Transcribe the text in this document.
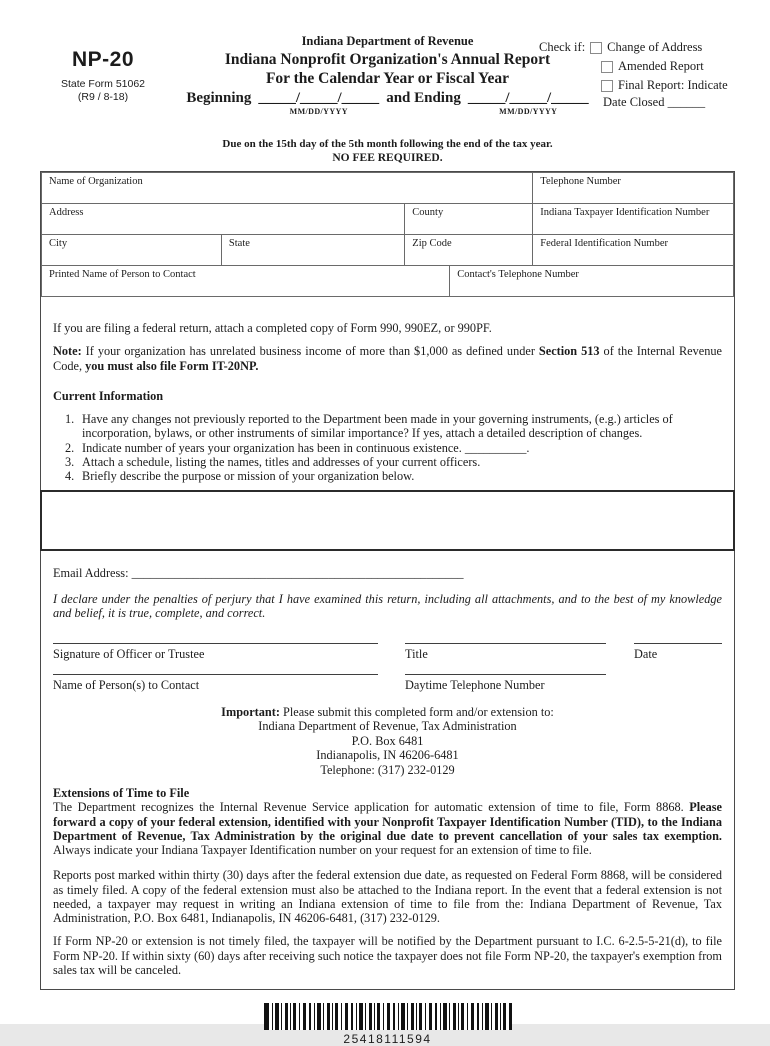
NP-20
State Form 51062
(R9 / 8-18)
Indiana Department of Revenue
Indiana Nonprofit Organization's Annual Report
For the Calendar Year or Fiscal Year
Beginning _____/_____/_____
MM/DD/YYYY
and Ending _____/_____/_____
MM/DD/YYYY
Check if: Change of Address
Amended Report
Final Report: Indicate
Date Closed ______
Due on the 15th day of the 5th month following the end of the tax year.
NO FEE REQUIRED.
Name of Organization				Telephone Number
Address		County		Indiana Taxpayer Identification Number
City	State	Zip Code		Federal Identification Number
Printed Name of Person to Contact			Contact's Telephone Number	
If you are filing a federal return, attach a completed copy of Form 990, 990EZ, or 990PF.
Note: If your organization has unrelated business income of more than $1,000 as defined under Section 513 of the Internal Revenue Code, you must also file Form IT-20NP.
Current Information
1. Have any changes not previously reported to the Department been made in your governing instruments, (e.g.) articles of incorporation, bylaws, or other instruments of similar importance? If yes, attach a detailed description of changes.
2. Indicate number of years your organization has been in continuous existence. __________.
3. Attach a schedule, listing the names, titles and addresses of your current officers.
4. Briefly describe the purpose or mission of your organization below.
Email Address: ______________________________________________________
I declare under the penalties of perjury that I have examined this return, including all attachments, and to the best of my knowledge and belief, it is true, complete, and correct.
Signature of Officer or Trustee	Title	Date
Name of Person(s) to Contact	Daytime Telephone Number
Important: Please submit this completed form and/or extension to:
Indiana Department of Revenue, Tax Administration
P.O. Box 6481
Indianapolis, IN 46206-6481
Telephone: (317) 232-0129
Extensions of Time to File
The Department recognizes the Internal Revenue Service application for automatic extension of time to file, Form 8868. Please forward a copy of your federal extension, identified with your Nonprofit Taxpayer Identification Number (TID), to the Indiana Department of Revenue, Tax Administration by the original due date to prevent cancellation of your sales tax exemption. Always indicate your Indiana Taxpayer Identification number on your request for an extension of time to file.
Reports post marked within thirty (30) days after the federal extension due date, as requested on Federal Form 8868, will be considered as timely filed. A copy of the federal extension must also be attached to the Indiana report. In the event that a federal extension is not needed, a taxpayer may request in writing an Indiana extension of time to file from the: Indiana Department of Revenue, Tax Administration, P.O. Box 6481, Indianapolis, IN 46206-6481, (317) 232-0129.
If Form NP-20 or extension is not timely filed, the taxpayer will be notified by the Department pursuant to I.C. 6-2.5-5-21(d), to file Form NP-20. If within sixty (60) days after receiving such notice the taxpayer does not file Form NP-20, the taxpayer's exemption from sales tax will be canceled.
25418111594
